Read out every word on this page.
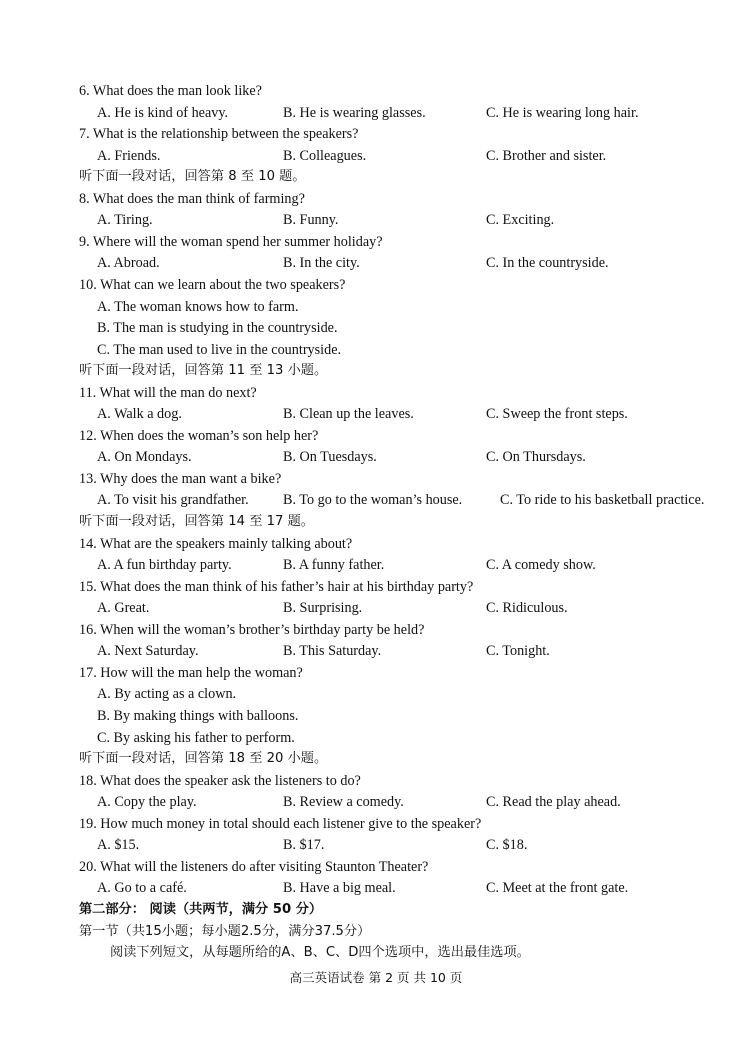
6. What does the man look like?
A. He is kind of heavy.	B. He is wearing glasses.	C. He is wearing long hair.
7. What is the relationship between the speakers?
A. Friends.	B. Colleagues.	C. Brother and sister.
听下面一段对话，回答第 8 至 10 题。
8. What does the man think of farming?
A. Tiring.	B. Funny.	C. Exciting.
9. Where will the woman spend her summer holiday?
A. Abroad.	B. In the city.	C. In the countryside.
10. What can we learn about the two speakers?
A. The woman knows how to farm.
B. The man is studying in the countryside.
C. The man used to live in the countryside.
听下面一段对话，回答第 11 至 13 小题。
11. What will the man do next?
A. Walk a dog.	B. Clean up the leaves.	C. Sweep the front steps.
12. When does the woman’s son help her?
A. On Mondays.	B. On Tuesdays.	C. On Thursdays.
13. Why does the man want a bike?
A. To visit his grandfather. B. To go to the woman’s house.	C. To ride to his basketball practice.
听下面一段对话，回答第 14 至 17 题。
14. What are the speakers mainly talking about?
A. A fun birthday party.	B. A funny father.	C. A comedy show.
15. What does the man think of his father’s hair at his birthday party?
A. Great.	B. Surprising.	C. Ridiculous.
16. When will the woman’s brother’s birthday party be held?
A. Next Saturday.	B. This Saturday.	C. Tonight.
17. How will the man help the woman?
A. By acting as a clown.
B. By making things with balloons.
C. By asking his father to perform.
听下面一段对话，回答第 18 至 20 小题。
18. What does the speaker ask the listeners to do?
A. Copy the play.	B. Review a comedy.	C. Read the play ahead.
19. How much money in total should each listener give to the speaker?
A. $15.	B. $17.	C. $18.
20. What will the listeners do after visiting Staunton Theater?
A. Go to a café.	B. Have a big meal.	C. Meet at the front gate.
第二部分： 阅读（共两节，满分 50 分）
第一节（共15小题；每小题2.5分，满分37.5分）
阅读下列短文，从每题所给的A、B、C、D四个选项中，选出最佳选项。
高三英语试卷 第 2 页 共 10 页
